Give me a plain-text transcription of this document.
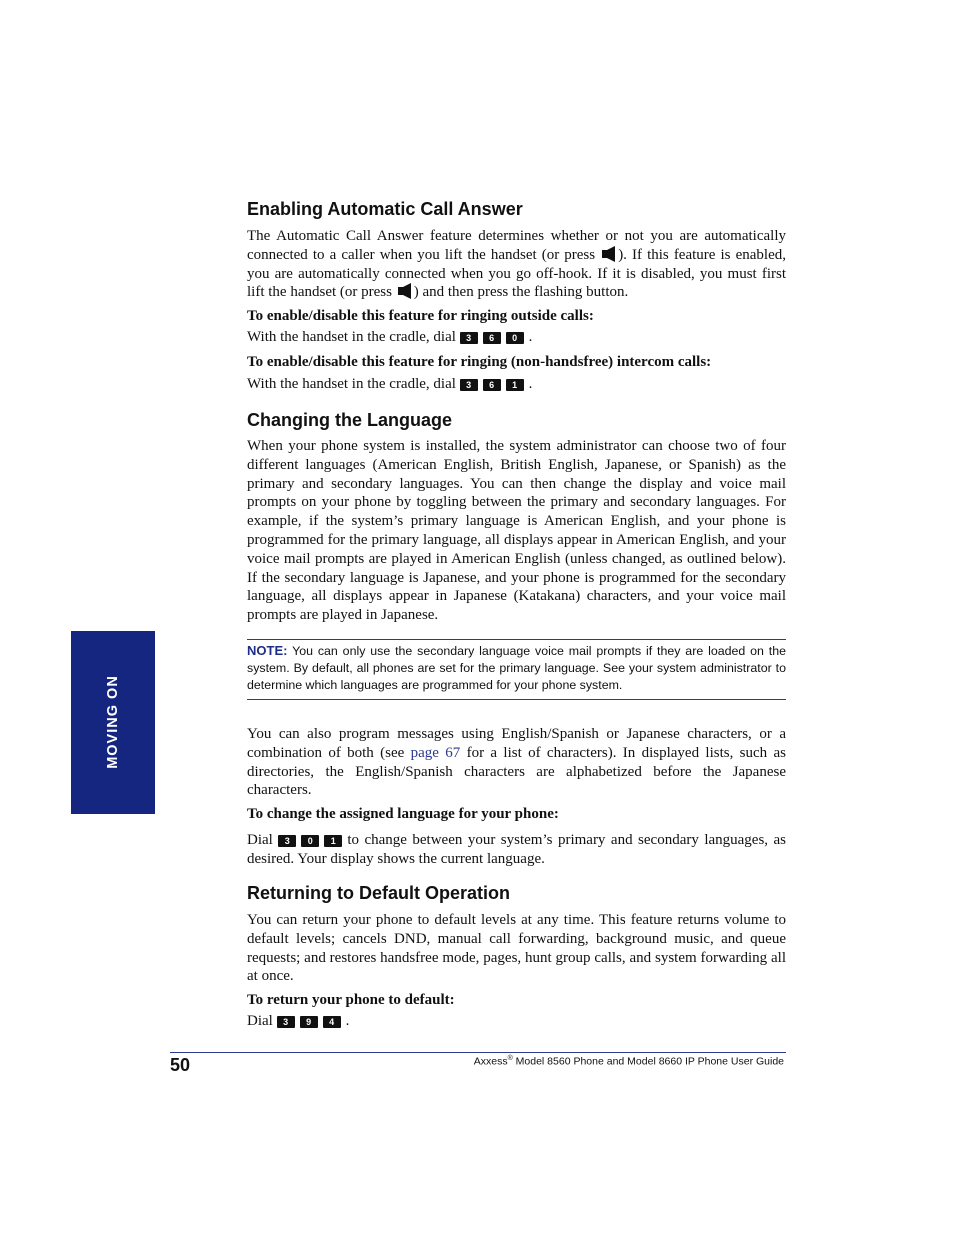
MOVING ON
Enabling Automatic Call Answer

The Automatic Call Answer feature determines whether or not you are automatically connected to a caller when you lift the handset (or press ). If this feature is enabled, you are automatically connected when you go off-hook. If it is disabled, you must first lift the handset (or press ) and then press the flashing button.

To enable/disable this feature for ringing outside calls:

With the handset in the cradle, dial 3 6 0 .

To enable/disable this feature for ringing (non-handsfree) intercom calls:

With the handset in the cradle, dial 3 6 1 .

Changing the Language

When your phone system is installed, the system administrator can choose two of four different languages (American English, British English, Japanese, or Spanish) as the primary and secondary languages. You can then change the display and voice mail prompts on your phone by toggling between the primary and secondary languages. For example, if the system’s primary language is American English, and your phone is programmed for the primary language, all displays appear in American English, and your voice mail prompts are played in American English (unless changed, as outlined below). If the secondary language is Japanese, and your phone is programmed for the secondary language, all displays appear in Japanese (Katakana) characters, and your voice mail prompts are played in Japanese.

NOTE: You can only use the secondary language voice mail prompts if they are loaded on the system. By default, all phones are set for the primary language. See your system administrator to determine which languages are programmed for your phone system.

You can also program messages using English/Spanish or Japanese characters, or a combination of both (see page 67 for a list of characters). In displayed lists, such as directories, the English/Spanish characters are alphabetized before the Japanese characters.

To change the assigned language for your phone:

Dial 3 0 1 to change between your system’s primary and secondary languages, as desired. Your display shows the current language.

Returning to Default Operation

You can return your phone to default levels at any time. This feature returns volume to default levels; cancels DND, manual call forwarding, background music, and queue requests; and restores handsfree mode, pages, hunt group calls, and system forwarding all at once.

To return your phone to default:

Dial 3 9 4 .

50	Axxess® Model 8560 Phone and Model 8660 IP Phone User Guide
